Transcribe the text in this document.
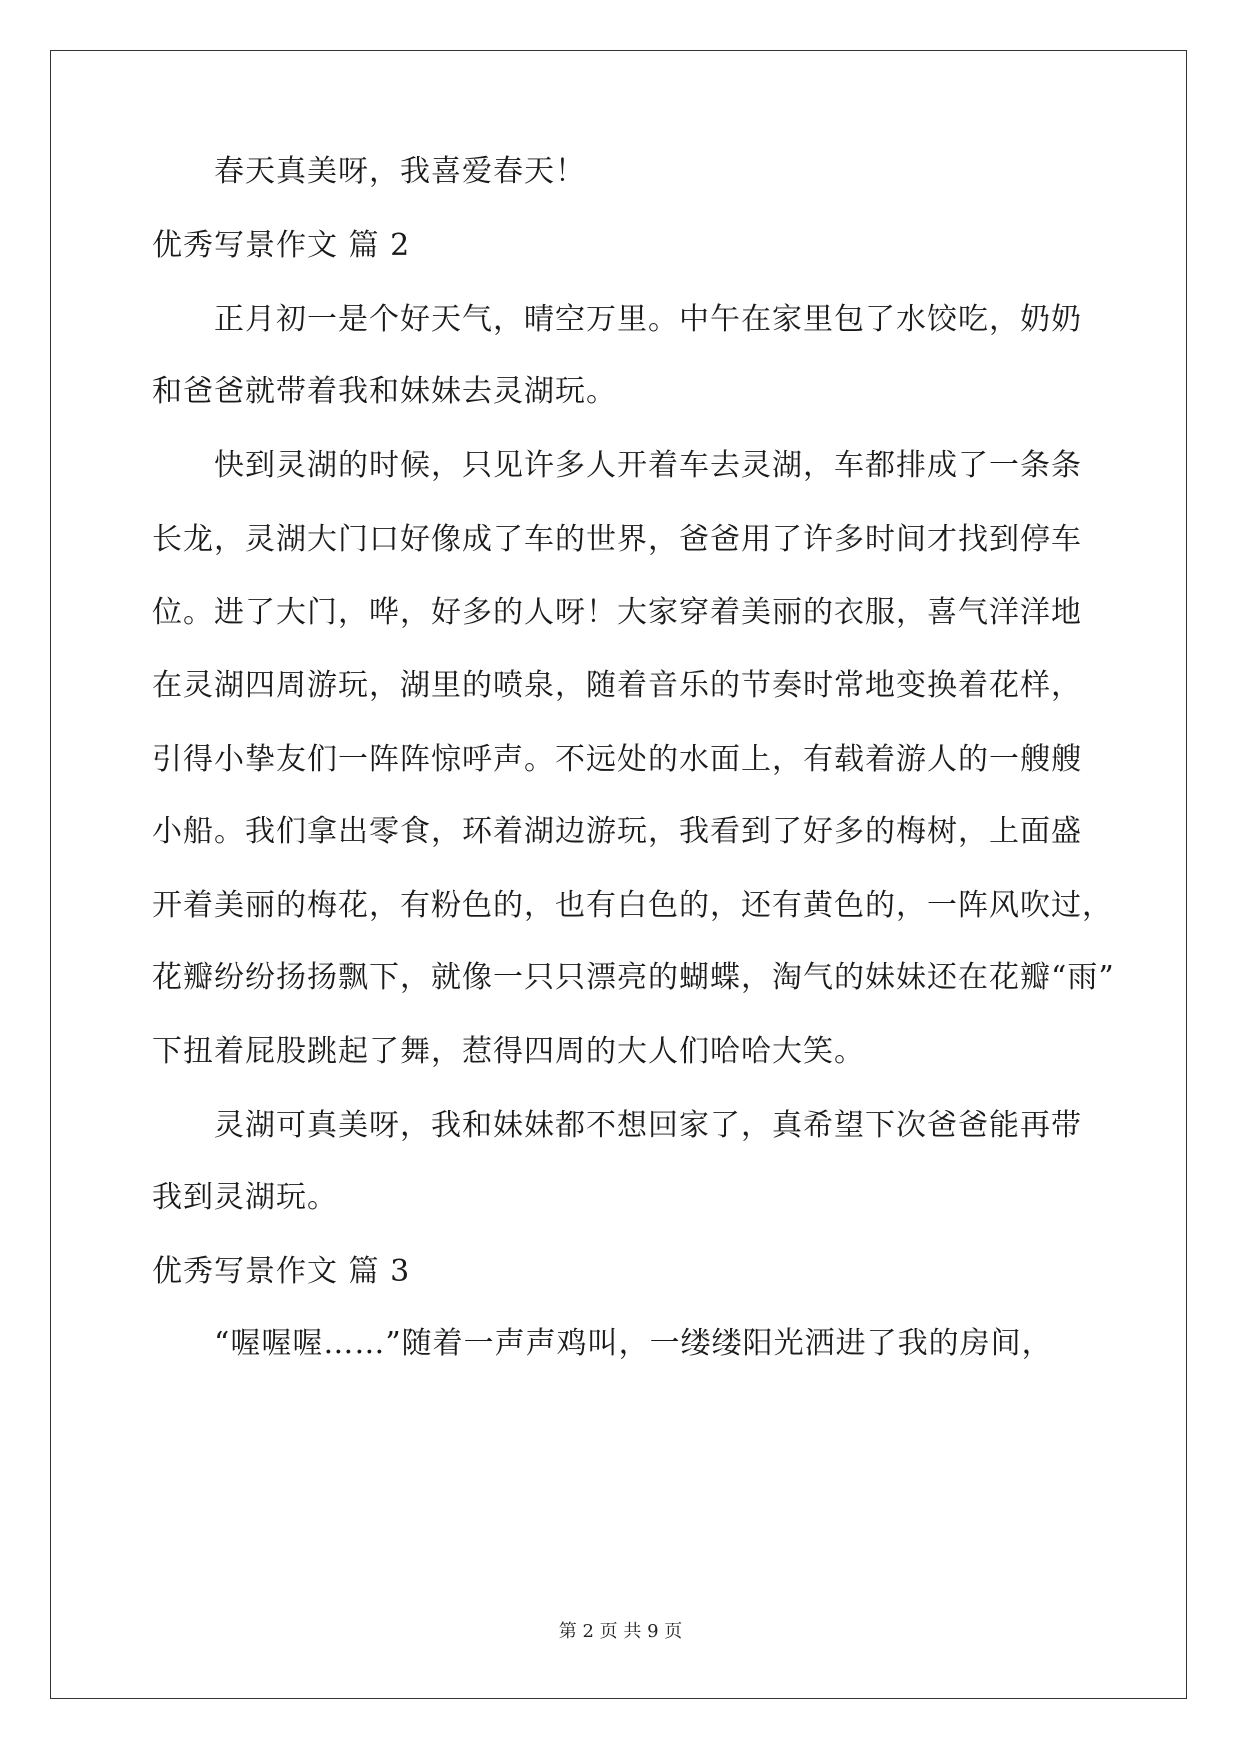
春天真美呀，我喜爱春天！
优秀写景作文 篇 2
正月初一是个好天气，晴空万里。中午在家里包了水饺吃，奶奶
和爸爸就带着我和妹妹去灵湖玩。
快到灵湖的时候，只见许多人开着车去灵湖，车都排成了一条条
长龙，灵湖大门口好像成了车的世界，爸爸用了许多时间才找到停车
位。进了大门，哗，好多的人呀！大家穿着美丽的衣服，喜气洋洋地
在灵湖四周游玩，湖里的喷泉，随着音乐的节奏时常地变换着花样，
引得小挚友们一阵阵惊呼声。不远处的水面上，有载着游人的一艘艘
小船。我们拿出零食，环着湖边游玩，我看到了好多的梅树，上面盛
开着美丽的梅花，有粉色的，也有白色的，还有黄色的，一阵风吹过，
花瓣纷纷扬扬飘下，就像一只只漂亮的蝴蝶，淘气的妹妹还在花瓣“雨”
下扭着屁股跳起了舞，惹得四周的大人们哈哈大笑。
灵湖可真美呀，我和妹妹都不想回家了，真希望下次爸爸能再带
我到灵湖玩。
优秀写景作文 篇 3
“喔喔喔……”随着一声声鸡叫，一缕缕阳光洒进了我的房间，
第 2 页 共 9 页
